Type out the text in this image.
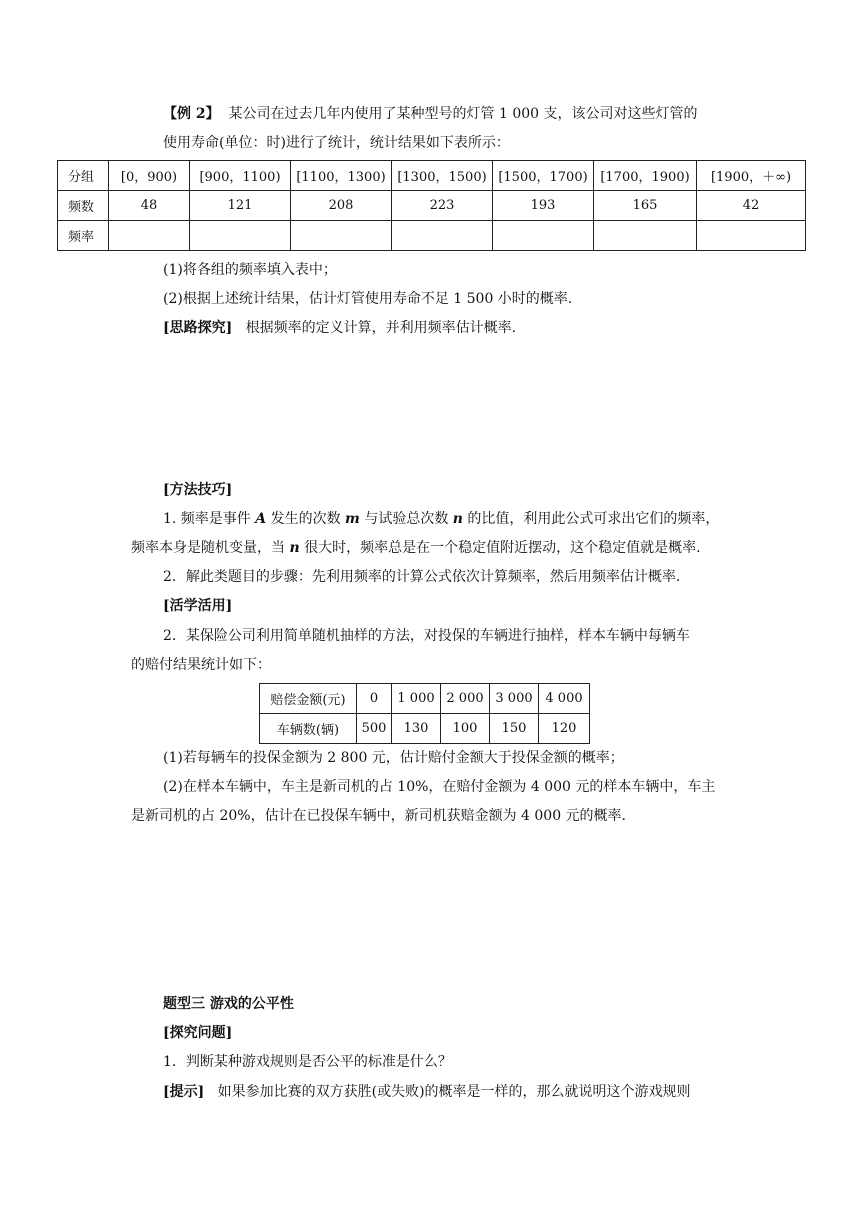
【例 2】 某公司在过去几年内使用了某种型号的灯管 1 000 支，该公司对这些灯管的
使用寿命(单位：时)进行了统计，统计结果如下表所示：
分组	[0，900)	[900，1100)	[1100，1300)	[1300，1500)	[1500，1700)	[1700，1900)	[1900，＋∞)
频数	48	121	208	223	193	165	42
频率							
(1)将各组的频率填入表中；
(2)根据上述统计结果，估计灯管使用寿命不足 1 500 小时的概率.
[思路探究] 根据频率的定义计算，并利用频率估计概率.
[方法技巧]
1. 频率是事件 A 发生的次数 m 与试验总次数 n 的比值，利用此公式可求出它们的频率，
频率本身是随机变量，当 n 很大时，频率总是在一个稳定值附近摆动，这个稳定值就是概率.
2．解此类题目的步骤：先利用频率的计算公式依次计算频率，然后用频率估计概率.
[活学活用]
2．某保险公司利用简单随机抽样的方法，对投保的车辆进行抽样，样本车辆中每辆车
的赔付结果统计如下：
赔偿金额(元)	0	1 000	2 000	3 000	4 000
车辆数(辆)	500	130	100	150	120
(1)若每辆车的投保金额为 2 800 元，估计赔付金额大于投保金额的概率；
(2)在样本车辆中，车主是新司机的占 10%，在赔付金额为 4 000 元的样本车辆中，车主
是新司机的占 20%，估计在已投保车辆中，新司机获赔金额为 4 000 元的概率.
题型三 游戏的公平性
[探究问题]
1．判断某种游戏规则是否公平的标准是什么？
[提示] 如果参加比赛的双方获胜(或失败)的概率是一样的，那么就说明这个游戏规则
